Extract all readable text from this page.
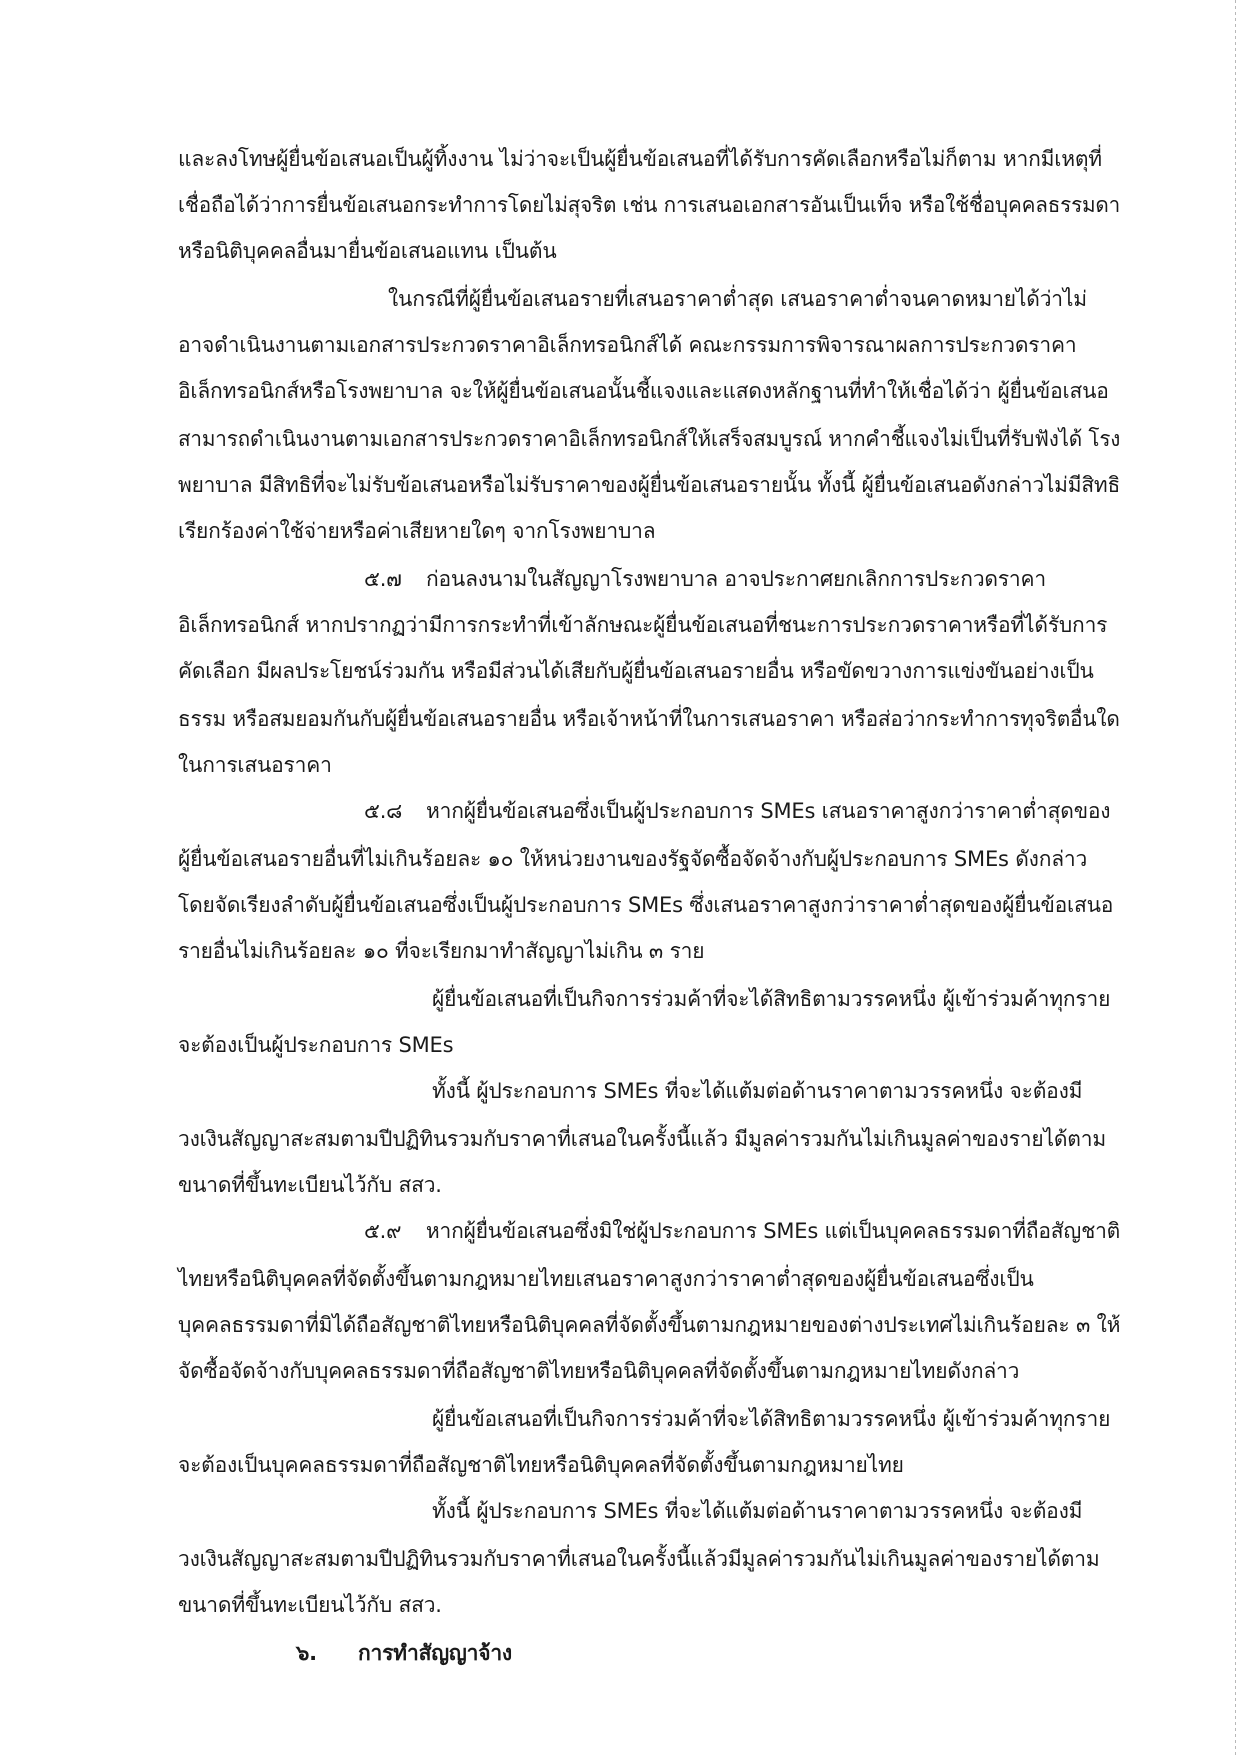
และลงโทษผู้ยื่นข้อเสนอเป็นผู้ทิ้งงาน ไม่ว่าจะเป็นผู้ยื่นข้อเสนอที่ได้รับการคัดเลือกหรือไม่ก็ตาม หากมีเหตุที่
เชื่อถือได้ว่าการยื่นข้อเสนอกระทำการโดยไม่สุจริต เช่น การเสนอเอกสารอันเป็นเท็จ หรือใช้ชื่อบุคคลธรรมดา
หรือนิติบุคคลอื่นมายื่นข้อเสนอแทน เป็นต้น
ในกรณีที่ผู้ยื่นข้อเสนอรายที่เสนอราคาต่ำสุด เสนอราคาต่ำจนคาดหมายได้ว่าไม่
อาจดำเนินงานตามเอกสารประกวดราคาอิเล็กทรอนิกส์ได้ คณะกรรมการพิจารณาผลการประกวดราคา
อิเล็กทรอนิกส์หรือโรงพยาบาล จะให้ผู้ยื่นข้อเสนอนั้นชี้แจงและแสดงหลักฐานที่ทำให้เชื่อได้ว่า ผู้ยื่นข้อเสนอ
สามารถดำเนินงานตามเอกสารประกวดราคาอิเล็กทรอนิกส์ให้เสร็จสมบูรณ์ หากคำชี้แจงไม่เป็นที่รับฟังได้ โรง
พยาบาล มีสิทธิที่จะไม่รับข้อเสนอหรือไม่รับราคาของผู้ยื่นข้อเสนอรายนั้น ทั้งนี้ ผู้ยื่นข้อเสนอดังกล่าวไม่มีสิทธิ
เรียกร้องค่าใช้จ่ายหรือค่าเสียหายใดๆ จากโรงพยาบาล
๕.๗ ก่อนลงนามในสัญญาโรงพยาบาล อาจประกาศยกเลิกการประกวดราคา
อิเล็กทรอนิกส์ หากปรากฏว่ามีการกระทำที่เข้าลักษณะผู้ยื่นข้อเสนอที่ชนะการประกวดราคาหรือที่ได้รับการ
คัดเลือก มีผลประโยชน์ร่วมกัน หรือมีส่วนได้เสียกับผู้ยื่นข้อเสนอรายอื่น หรือขัดขวางการแข่งขันอย่างเป็น
ธรรม หรือสมยอมกันกับผู้ยื่นข้อเสนอรายอื่น หรือเจ้าหน้าที่ในการเสนอราคา หรือส่อว่ากระทำการทุจริตอื่นใด
ในการเสนอราคา
๕.๘ หากผู้ยื่นข้อเสนอซึ่งเป็นผู้ประกอบการ SMEs เสนอราคาสูงกว่าราคาต่ำสุดของ
ผู้ยื่นข้อเสนอรายอื่นที่ไม่เกินร้อยละ ๑๐ ให้หน่วยงานของรัฐจัดซื้อจัดจ้างกับผู้ประกอบการ SMEs ดังกล่าว
โดยจัดเรียงลำดับผู้ยื่นข้อเสนอซึ่งเป็นผู้ประกอบการ SMEs ซึ่งเสนอราคาสูงกว่าราคาต่ำสุดของผู้ยื่นข้อเสนอ
รายอื่นไม่เกินร้อยละ ๑๐ ที่จะเรียกมาทำสัญญาไม่เกิน ๓ ราย
ผู้ยื่นข้อเสนอที่เป็นกิจการร่วมค้าที่จะได้สิทธิตามวรรคหนึ่ง ผู้เข้าร่วมค้าทุกราย
จะต้องเป็นผู้ประกอบการ SMEs
ทั้งนี้ ผู้ประกอบการ SMEs ที่จะได้แต้มต่อด้านราคาตามวรรคหนึ่ง จะต้องมี
วงเงินสัญญาสะสมตามปีปฏิทินรวมกับราคาที่เสนอในครั้งนี้แล้ว มีมูลค่ารวมกันไม่เกินมูลค่าของรายได้ตาม
ขนาดที่ขึ้นทะเบียนไว้กับ สสว.
๕.๙ หากผู้ยื่นข้อเสนอซึ่งมิใช่ผู้ประกอบการ SMEs แต่เป็นบุคคลธรรมดาที่ถือสัญชาติ
ไทยหรือนิติบุคคลที่จัดตั้งขึ้นตามกฎหมายไทยเสนอราคาสูงกว่าราคาต่ำสุดของผู้ยื่นข้อเสนอซึ่งเป็น
บุคคลธรรมดาที่มิได้ถือสัญชาติไทยหรือนิติบุคคลที่จัดตั้งขึ้นตามกฎหมายของต่างประเทศไม่เกินร้อยละ ๓ ให้
จัดซื้อจัดจ้างกับบุคคลธรรมดาที่ถือสัญชาติไทยหรือนิติบุคคลที่จัดตั้งขึ้นตามกฎหมายไทยดังกล่าว
ผู้ยื่นข้อเสนอที่เป็นกิจการร่วมค้าที่จะได้สิทธิตามวรรคหนึ่ง ผู้เข้าร่วมค้าทุกราย
จะต้องเป็นบุคคลธรรมดาที่ถือสัญชาติไทยหรือนิติบุคคลที่จัดตั้งขึ้นตามกฎหมายไทย
ทั้งนี้ ผู้ประกอบการ SMEs ที่จะได้แต้มต่อด้านราคาตามวรรคหนึ่ง จะต้องมี
วงเงินสัญญาสะสมตามปีปฏิทินรวมกับราคาที่เสนอในครั้งนี้แล้วมีมูลค่ารวมกันไม่เกินมูลค่าของรายได้ตาม
ขนาดที่ขึ้นทะเบียนไว้กับ สสว.
๖. การทำสัญญาจ้าง
